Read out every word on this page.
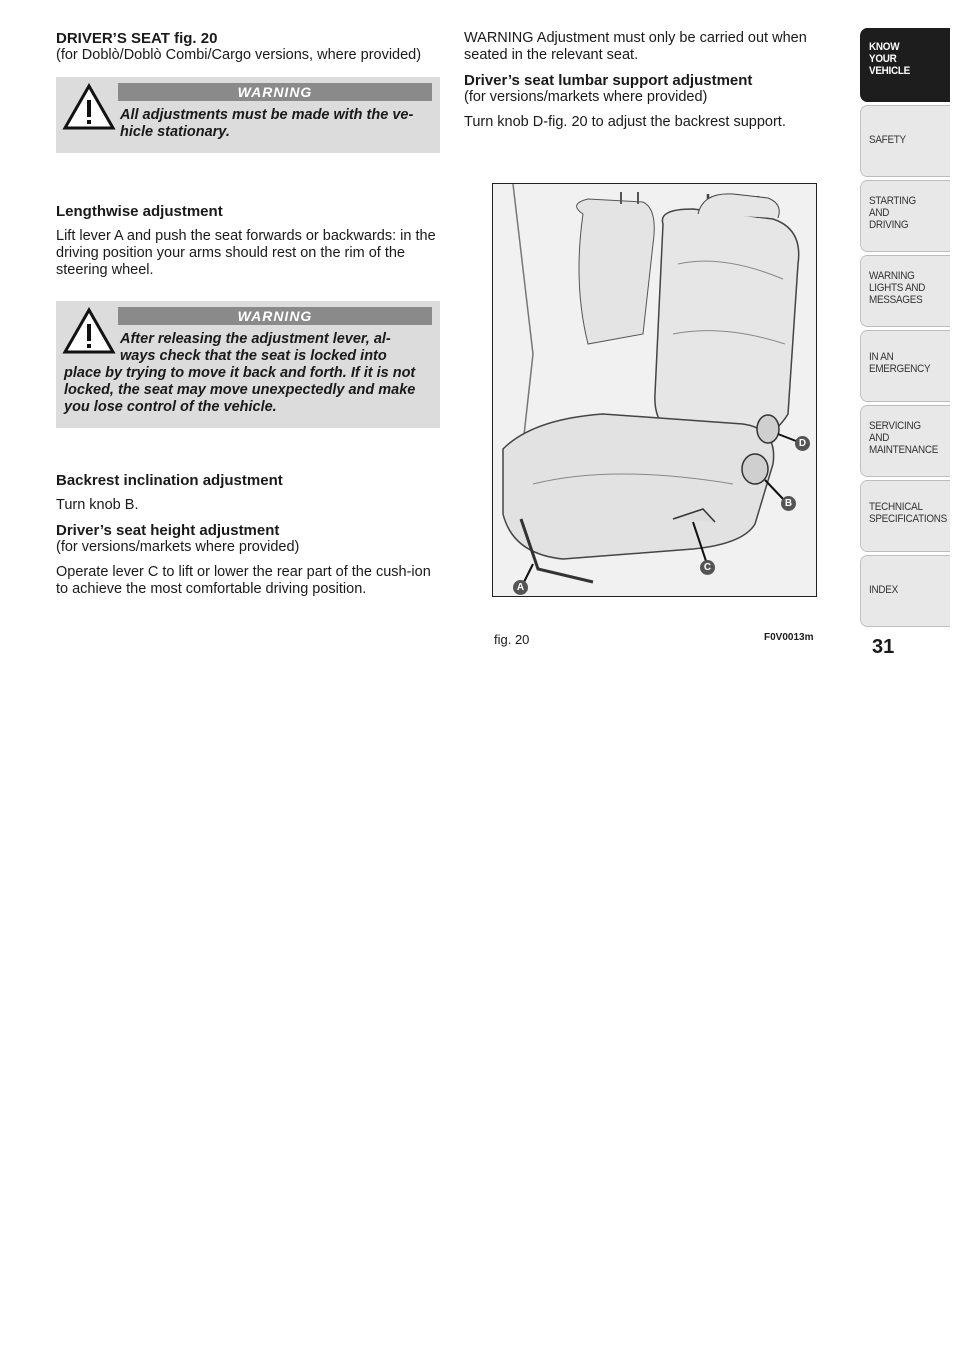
DRIVER’S SEAT fig. 20

(for Doblò/Doblò Combi/Cargo versions, where provided)

WARNING
All adjustments must be made with the ve-
hicle stationary.

Lengthwise adjustment

Lift lever A and push the seat forwards or backwards: in the driving position your arms should rest on the rim of the steering wheel.

WARNING
After releasing the adjustment lever, al-
ways check that the seat is locked into
place by trying to move it back and forth. If it is not locked, the seat may move unexpectedly and make you lose control of the vehicle.

Backrest inclination adjustment

Turn knob B.

Driver’s seat height adjustment

(for versions/markets where provided)

Operate lever C to lift or lower the rear part of the cush-ion to achieve the most comfortable driving position.

WARNING Adjustment must only be carried out when seated in the relevant seat.

Driver’s seat lumbar support adjustment

(for versions/markets where provided)

Turn knob D-fig. 20 to adjust the backrest support.

D
B
C
A
fig. 20	F0V0013m
KNOW
YOUR
VEHICLE
SAFETY
STARTING
AND
DRIVING
WARNING
LIGHTS AND
MESSAGES
IN AN
EMERGENCY
SERVICING
AND
MAINTENANCE
TECHNICAL
SPECIFICATIONS
INDEX
31
